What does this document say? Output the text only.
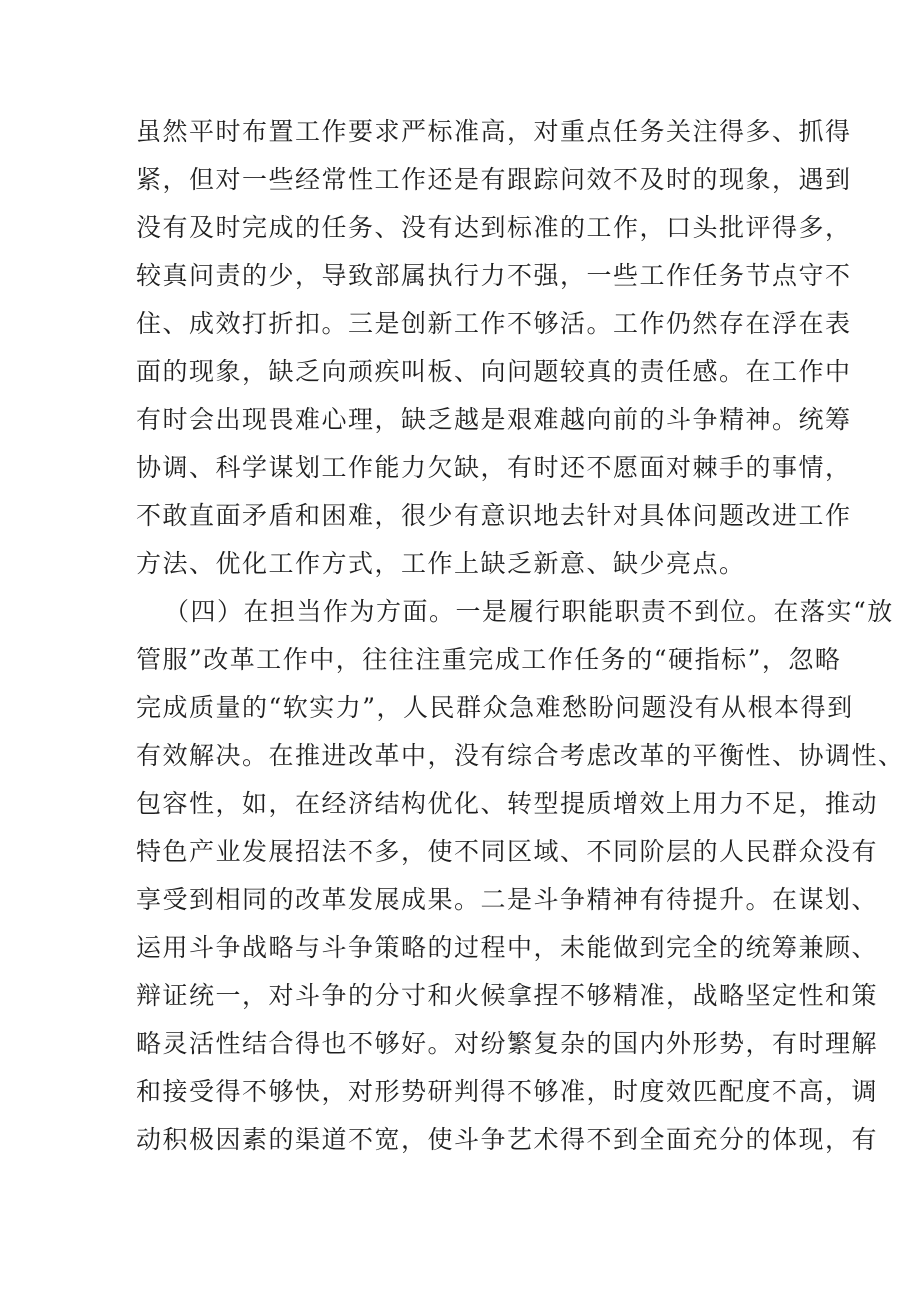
虽然平时布置工作要求严标准高，对重点任务关注得多、抓得
紧，但对一些经常性工作还是有跟踪问效不及时的现象，遇到
没有及时完成的任务、没有达到标准的工作，口头批评得多，
较真问责的少，导致部属执行力不强，一些工作任务节点守不
住、成效打折扣。三是创新工作不够活。工作仍然存在浮在表
面的现象，缺乏向顽疾叫板、向问题较真的责任感。在工作中
有时会出现畏难心理，缺乏越是艰难越向前的斗争精神。统筹
协调、科学谋划工作能力欠缺，有时还不愿面对棘手的事情，
不敢直面矛盾和困难，很少有意识地去针对具体问题改进工作
方法、优化工作方式，工作上缺乏新意、缺少亮点。
（四）在担当作为方面。一是履行职能职责不到位。在落实“放
管服”改革工作中，往往注重完成工作任务的“硬指标”，忽略
完成质量的“软实力”，人民群众急难愁盼问题没有从根本得到
有效解决。在推进改革中，没有综合考虑改革的平衡性、协调性、
包容性，如，在经济结构优化、转型提质增效上用力不足，推动
特色产业发展招法不多，使不同区域、不同阶层的人民群众没有
享受到相同的改革发展成果。二是斗争精神有待提升。在谋划、
运用斗争战略与斗争策略的过程中，未能做到完全的统筹兼顾、
辩证统一，对斗争的分寸和火候拿捏不够精准，战略坚定性和策
略灵活性结合得也不够好。对纷繁复杂的国内外形势，有时理解
和接受得不够快，对形势研判得不够准，时度效匹配度不高，调
动积极因素的渠道不宽，使斗争艺术得不到全面充分的体现，有
